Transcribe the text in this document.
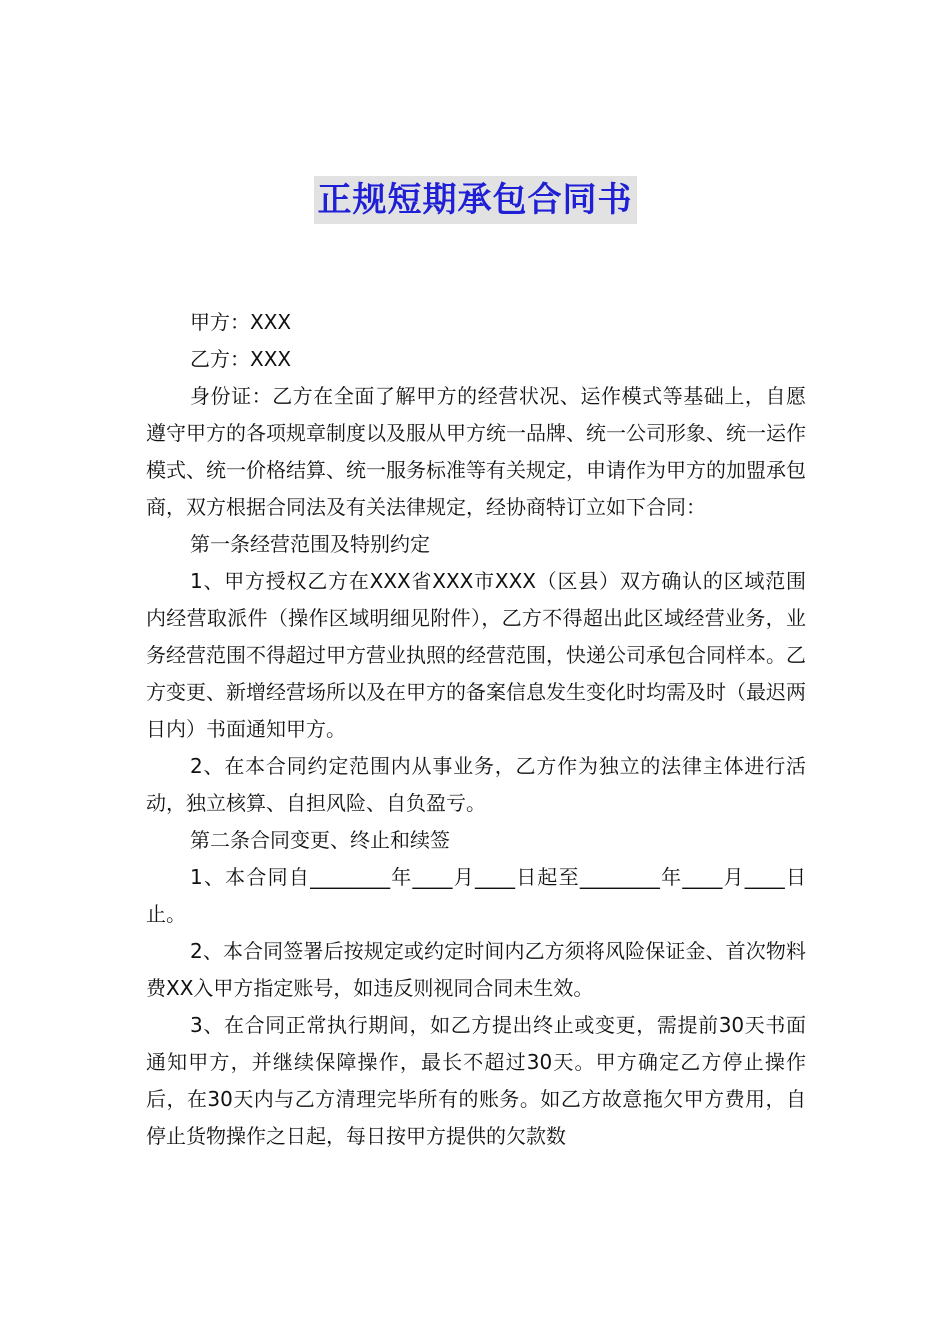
正规短期承包合同书

甲方：XXX

乙方：XXX

身份证：乙方在全面了解甲方的经营状况、运作模式等基础上，自愿遵守甲方的各项规章制度以及服从甲方统一品牌、统一公司形象、统一运作模式、统一价格结算、统一服务标准等有关规定，申请作为甲方的加盟承包商，双方根据合同法及有关法律规定，经协商特订立如下合同：

第一条经营范围及特别约定

1、甲方授权乙方在XXX省XXX市XXX（区县）双方确认的区域范围内经营取派件（操作区域明细见附件），乙方不得超出此区域经营业务，业务经营范围不得超过甲方营业执照的经营范围，快递公司承包合同样本。乙方变更、新增经营场所以及在甲方的备案信息发生变化时均需及时（最迟两日内）书面通知甲方。

2、在本合同约定范围内从事业务，乙方作为独立的法律主体进行活动，独立核算、自担风险、自负盈亏。

第二条合同变更、终止和续签

1、本合同自________年____月____日起至________年____月____日止。

2、本合同签署后按规定或约定时间内乙方须将风险保证金、首次物料费XX入甲方指定账号，如违反则视同合同未生效。

3、在合同正常执行期间，如乙方提出终止或变更，需提前30天书面通知甲方，并继续保障操作，最长不超过30天。甲方确定乙方停止操作后，在30天内与乙方清理完毕所有的账务。如乙方故意拖欠甲方费用，自停止货物操作之日起，每日按甲方提供的欠款数
